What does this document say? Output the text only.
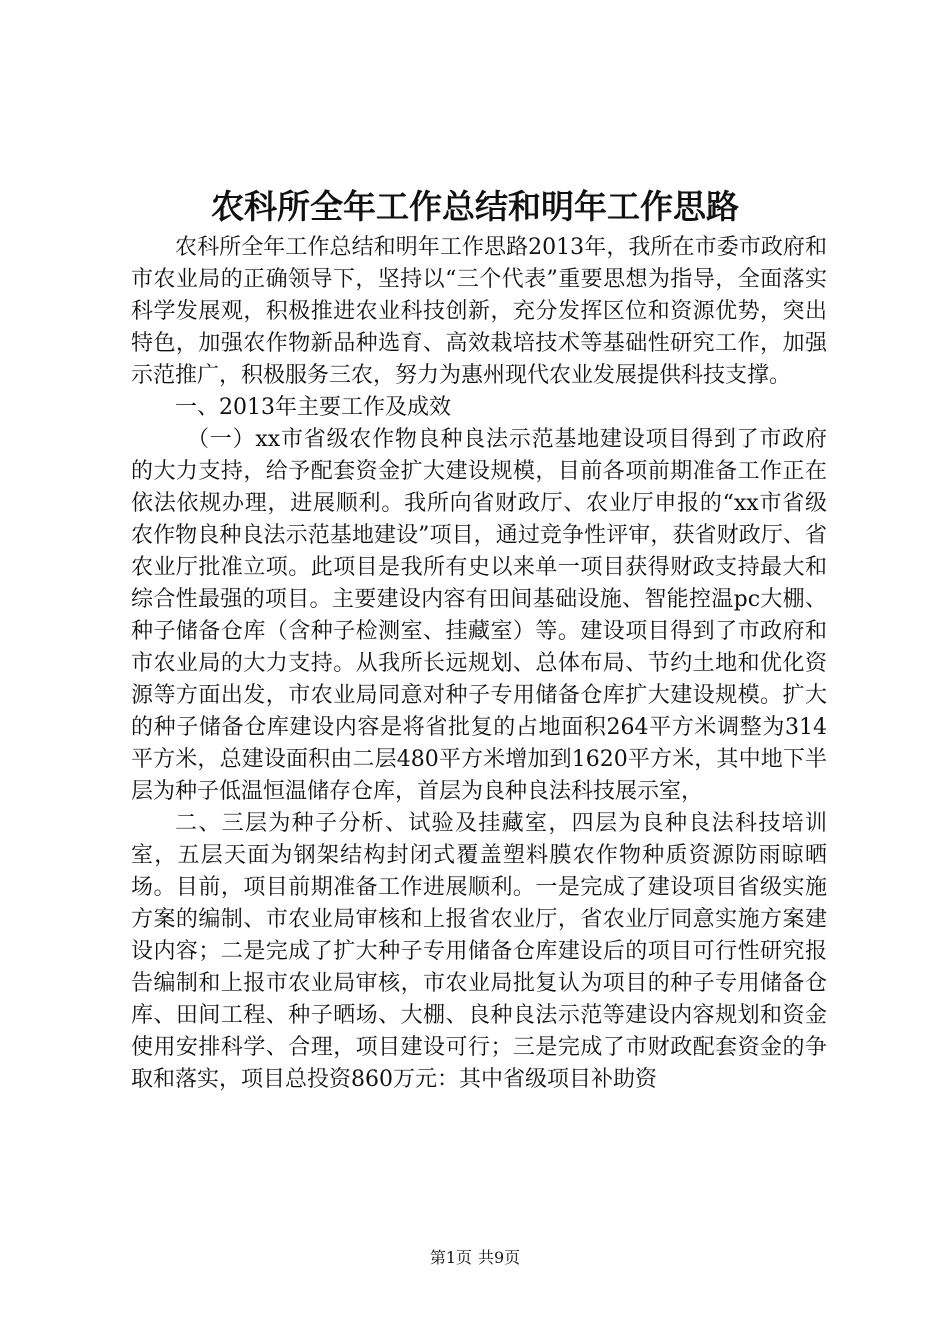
农科所全年工作总结和明年工作思路

农科所全年工作总结和明年工作思路2013年，我所在市委市政府和市农业局的正确领导下，坚持以“三个代表”重要思想为指导，全面落实科学发展观，积极推进农业科技创新，充分发挥区位和资源优势，突出特色，加强农作物新品种选育、高效栽培技术等基础性研究工作，加强示范推广，积极服务三农，努力为惠州现代农业发展提供科技支撑。

一、2013年主要工作及成效

（一）xx市省级农作物良种良法示范基地建设项目得到了市政府的大力支持，给予配套资金扩大建设规模，目前各项前期准备工作正在依法依规办理，进展顺利。我所向省财政厅、农业厅申报的“xx市省级农作物良种良法示范基地建设”项目，通过竞争性评审，获省财政厅、省农业厅批准立项。此项目是我所有史以来单一项目获得财政支持最大和综合性最强的项目。主要建设内容有田间基础设施、智能控温pc大棚、种子储备仓库（含种子检测室、挂藏室）等。建设项目得到了市政府和市农业局的大力支持。从我所长远规划、总体布局、节约土地和优化资源等方面出发，市农业局同意对种子专用储备仓库扩大建设规模。扩大的种子储备仓库建设内容是将省批复的占地面积264平方米调整为314平方米，总建设面积由二层480平方米增加到1620平方米，其中地下半层为种子低温恒温储存仓库，首层为良种良法科技展示室，

二、三层为种子分析、试验及挂藏室，四层为良种良法科技培训室，五层天面为钢架结构封闭式覆盖塑料膜农作物种质资源防雨晾晒场。目前，项目前期准备工作进展顺利。一是完成了建设项目省级实施方案的编制、市农业局审核和上报省农业厅，省农业厅同意实施方案建设内容；二是完成了扩大种子专用储备仓库建设后的项目可行性研究报告编制和上报市农业局审核，市农业局批复认为项目的种子专用储备仓库、田间工程、种子晒场、大棚、良种良法示范等建设内容规划和资金使用安排科学、合理，项目建设可行；三是完成了市财政配套资金的争取和落实，项目总投资860万元：其中省级项目补助资

第1页 共9页
